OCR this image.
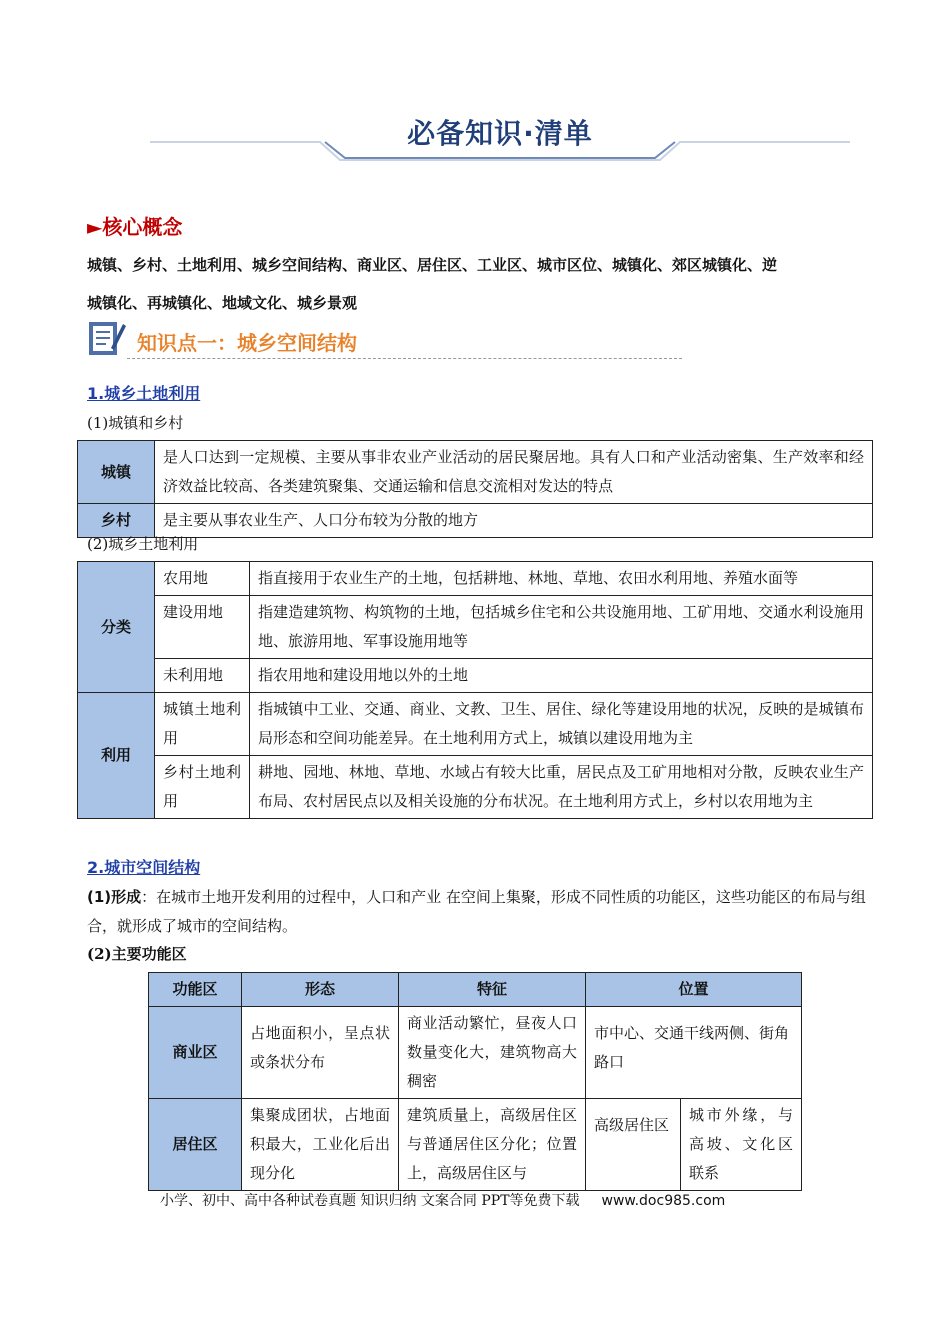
必备知识·清单
►核心概念
城镇、乡村、土地利用、城乡空间结构、商业区、居住区、工业区、城市区位、城镇化、郊区城镇化、逆
城镇化、再城镇化、地域文化、城乡景观
知识点一：城乡空间结构
1.城乡土地利用
(1)城镇和乡村
城镇	是人口达到一定规模、主要从事非农业产业活动的居民聚居地。具有人口和产业活动密集、生产效率和经济效益比较高、各类建筑聚集、交通运输和信息交流相对发达的特点
乡村	是主要从事农业生产、人口分布较为分散的地方
(2)城乡土地利用
分类	农用地	指直接用于农业生产的土地，包括耕地、林地、草地、农田水利用地、养殖水面等
	建设用地	指建造建筑物、构筑物的土地，包括城乡住宅和公共设施用地、工矿用地、交通水利设施用地、旅游用地、军事设施用地等
	未利用地	指农用地和建设用地以外的土地
利用	城镇土地利用	指城镇中工业、交通、商业、文教、卫生、居住、绿化等建设用地的状况，反映的是城镇布局形态和空间功能差异。在土地利用方式上，城镇以建设用地为主
	乡村土地利用	耕地、园地、林地、草地、水域占有较大比重，居民点及工矿用地相对分散，反映农业生产布局、农村居民点以及相关设施的分布状况。在土地利用方式上，乡村以农用地为主
2.城市空间结构
(1)形成：在城市土地开发利用的过程中，人口和产业 在空间上集聚，形成不同性质的功能区，这些功能区的布局与组合，就形成了城市的空间结构。
(2)主要功能区
功能区	形态	特征	位置	
商业区	占地面积小，呈点状或条状分布	商业活动繁忙，昼夜人口数量变化大，建筑物高大稠密	市中心、交通干线两侧、街角路口	
居住区	集聚成团状，占地面积最大，工业化后出现分化	建筑质量上，高级居住区与普通居住区分化；位置上，高级居住区与	高级居住区	城市外缘，与高坡、文化区联系
小学、初中、高中各种试卷真题 知识归纳 文案合同 PPT等免费下载 www.doc985.com
